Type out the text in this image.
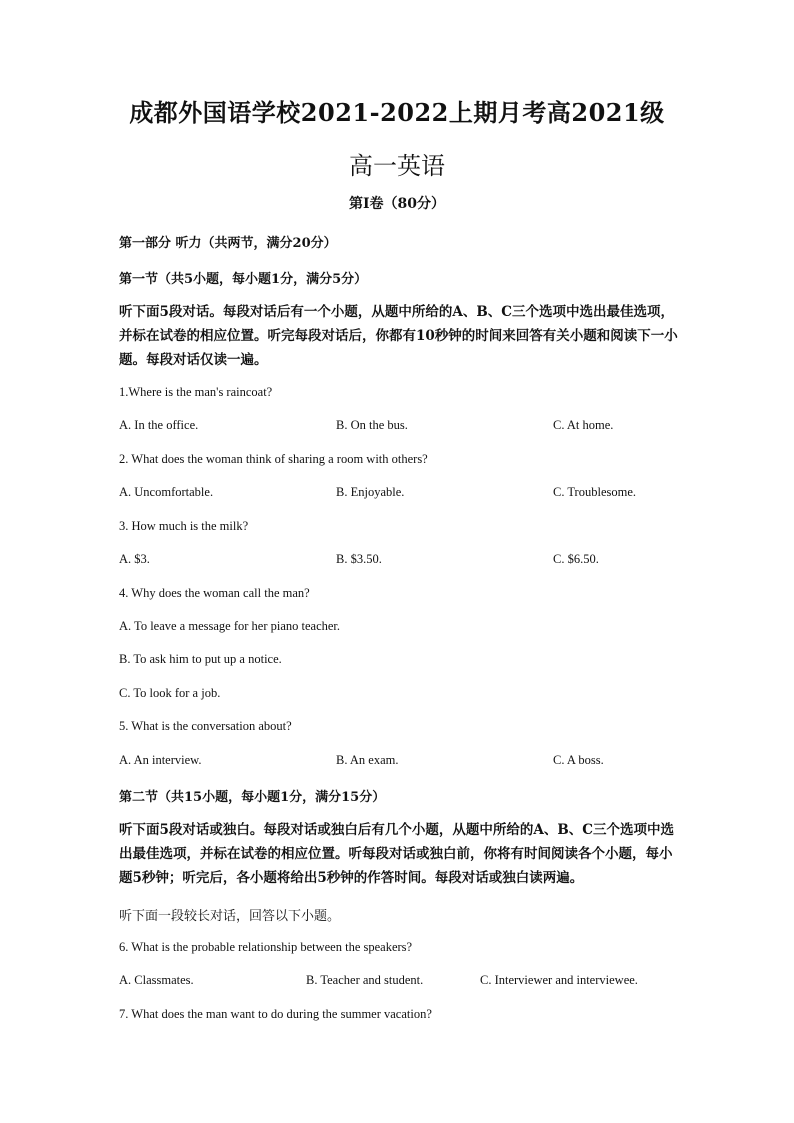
成都外国语学校2021-2022上期月考高2021级
高一英语
第I卷（80分）
第一部分 听力（共两节，满分20分）
第一节（共5小题，每小题1分，满分5分）
听下面5段对话。每段对话后有一个小题，从题中所给的A、B、C三个选项中选出最佳选项，并标在试卷的相应位置。听完每段对话后，你都有10秒钟的时间来回答有关小题和阅读下一小题。每段对话仅读一遍。
1.Where is the man's raincoat?
A. In the office.	B. On the bus.	C. At home.
2. What does the woman think of sharing a room with others?
A. Uncomfortable.	B. Enjoyable.	C. Troublesome.
3. How much is the milk?
A. $3.	B. $3.50.	C. $6.50.
4. Why does the woman call the man?
A. To leave a message for her piano teacher.
B. To ask him to put up a notice.
C. To look for a job.
5. What is the conversation about?
A. An interview.	B. An exam.	C. A boss.
第二节（共15小题，每小题1分，满分15分）
听下面5段对话或独白。每段对话或独白后有几个小题，从题中所给的A、B、C三个选项中选出最佳选项，并标在试卷的相应位置。听每段对话或独白前，你将有时间阅读各个小题，每小题5秒钟；听完后，各小题将给出5秒钟的作答时间。每段对话或独白读两遍。
听下面一段较长对话，回答以下小题。
6. What is the probable relationship between the speakers?
A. Classmates.	B. Teacher and student.	C. Interviewer and interviewee.
7. What does the man want to do during the summer vacation?
